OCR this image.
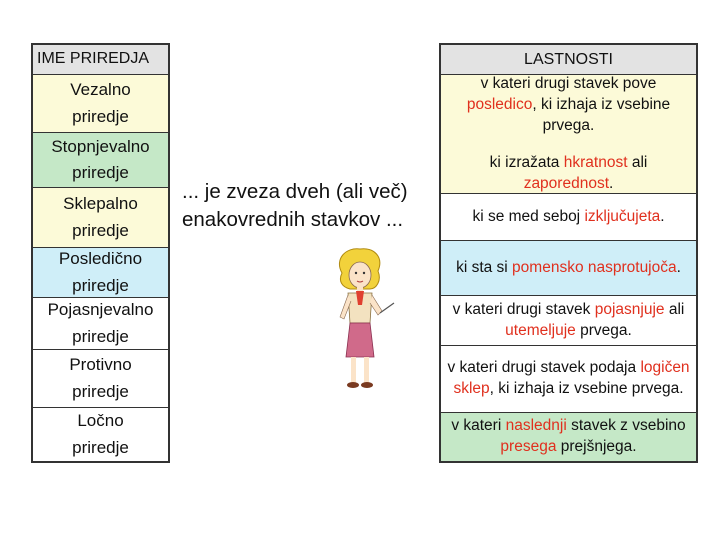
IME PRIREDJA
Vezalno
priredje
Stopnjevalno
priredje
Sklepalno
priredje
Posledično
priredje
Pojasnjevalno
priredje
Protivno
priredje
Ločno
priredje
... je zveza dveh (ali več)
enakovrednih stavkov ...
LASTNOSTI
v kateri drugi stavek pove posledico, ki izhaja iz vsebine prvega.
ki izražata hkratnost ali zaporednost.
ki se med seboj izključujeta.
ki sta si pomensko nasprotujoča.
v kateri drugi stavek pojasnjuje ali utemeljuje prvega.
v kateri drugi stavek podaja logičen sklep, ki izhaja iz vsebine prvega.
v kateri naslednji stavek z vsebino presega prejšnjega.
